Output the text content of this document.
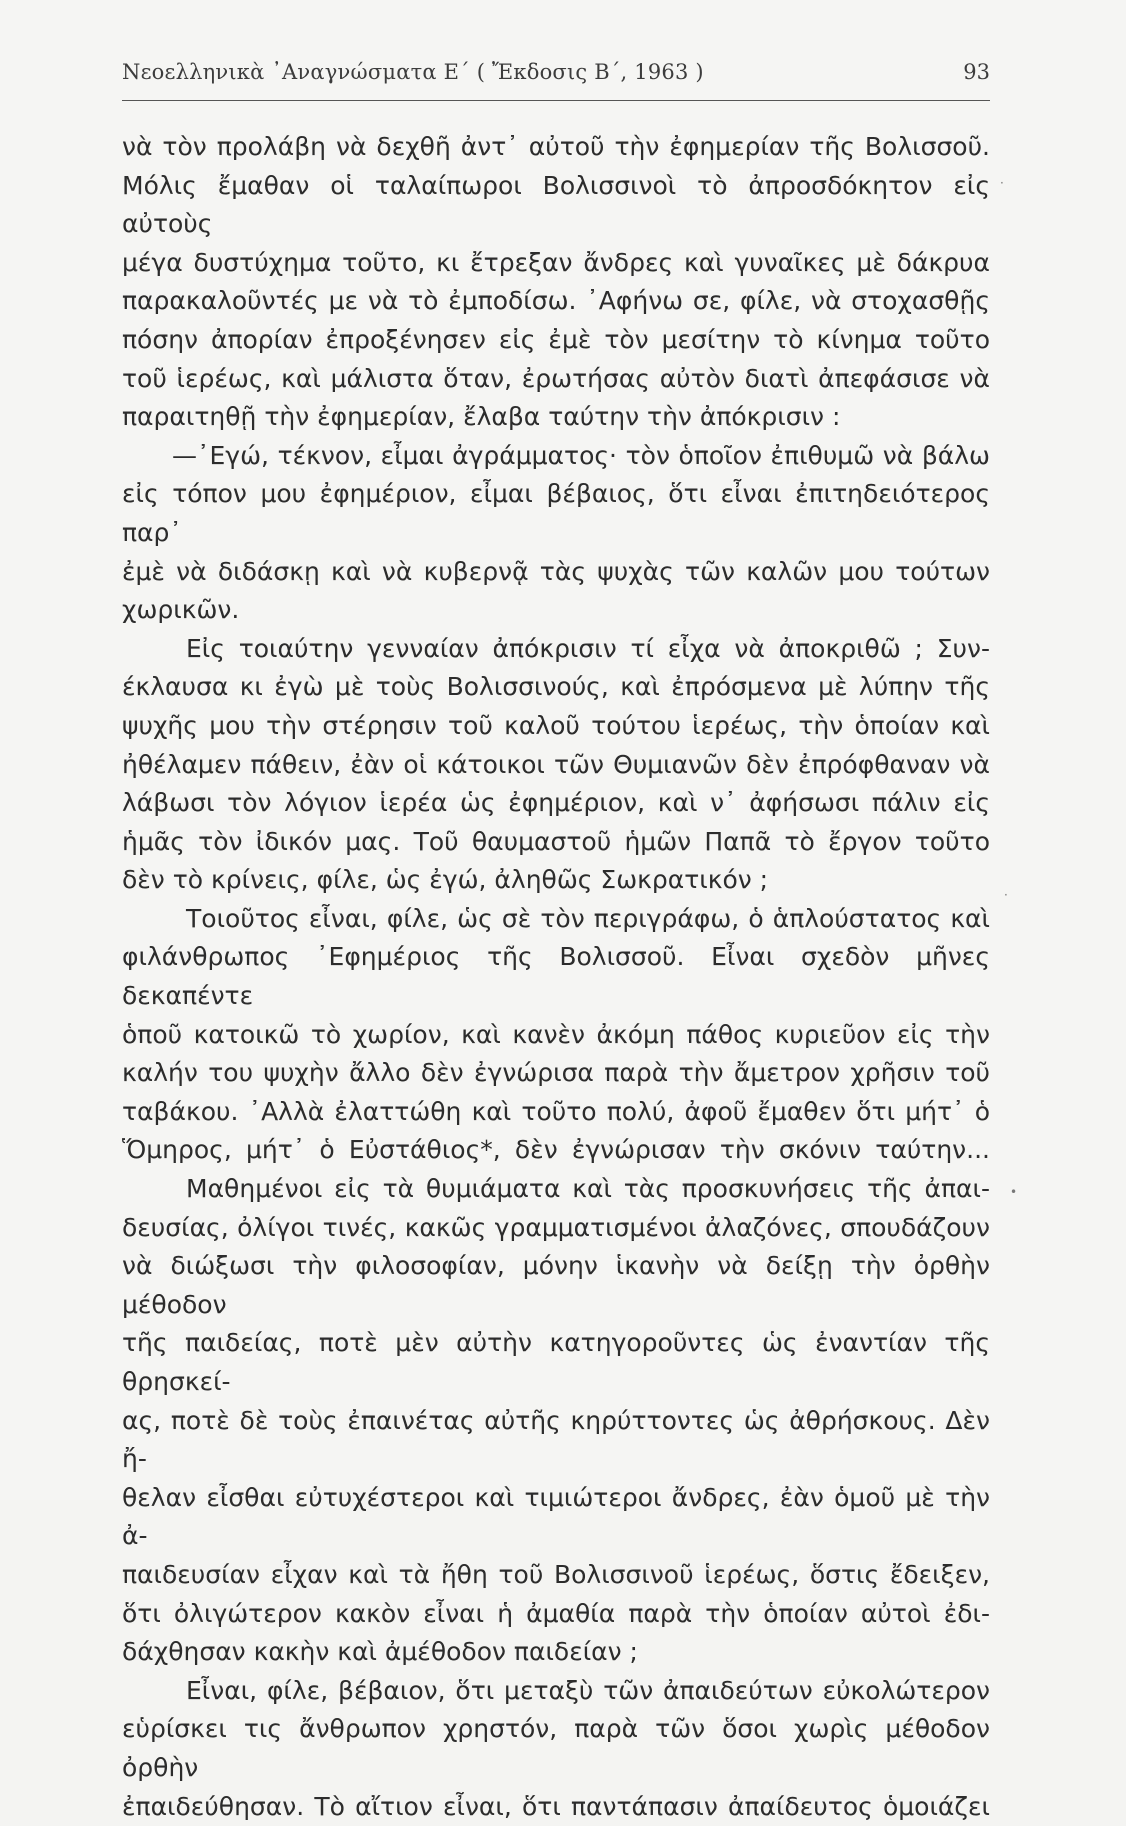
Νεοελληνικὰ ᾿Αναγνώσματα Ε΄ ( Ἔκδοσις Β΄, 1963 )	93
νὰ τὸν προλάβη νὰ δεχθῆ ἀντ᾿ αὐτοῦ τὴν ἐφημερίαν τῆς Βολισσοῦ.
Μόλις ἔμαθαν οἱ ταλαίπωροι Βολισσινοὶ τὸ ἀπροσδόκητον εἰς αὐτοὺς
μέγα δυστύχημα τοῦτο, κι ἔτρεξαν ἄνδρες καὶ γυναῖκες μὲ δάκρυα
παρακαλοῦντές με νὰ τὸ ἐμποδίσω. ᾿Αφήνω σε, φίλε, νὰ στοχασθῇς
πόσην ἀπορίαν ἐπροξένησεν εἰς ἐμὲ τὸν μεσίτην τὸ κίνημα τοῦτο
τοῦ ἱερέως, καὶ μάλιστα ὅταν, ἐρωτήσας αὐτὸν διατὶ ἀπεφάσισε νὰ
παραιτηθῇ τὴν ἐφημερίαν, ἔλαβα ταύτην τὴν ἀπόκρισιν :
—᾿Εγώ, τέκνον, εἶμαι ἀγράμματος· τὸν ὁποῖον ἐπιθυμῶ νὰ βάλω
εἰς τόπον μου ἐφημέριον, εἶμαι βέβαιος, ὅτι εἶναι ἐπιτηδειότερος παρ᾿
ἐμὲ νὰ διδάσκῃ καὶ νὰ κυβερνᾷ τὰς ψυχὰς τῶν καλῶν μου τούτων
χωρικῶν.
Εἰς τοιαύτην γενναίαν ἀπόκρισιν τί εἶχα νὰ ἀποκριθῶ ; Συν-
έκλαυσα κι ἐγὼ μὲ τοὺς Βολισσινούς, καὶ ἐπρόσμενα μὲ λύπην τῆς
ψυχῆς μου τὴν στέρησιν τοῦ καλοῦ τούτου ἱερέως, τὴν ὁποίαν καὶ
ἠθέλαμεν πάθειν, ἐὰν οἱ κάτοικοι τῶν Θυμιανῶν δὲν ἐπρόφθαναν νὰ
λάβωσι τὸν λόγιον ἱερέα ὡς ἐφημέριον, καὶ ν᾿ ἀφήσωσι πάλιν εἰς
ἡμᾶς τὸν ἰδικόν μας. Τοῦ θαυμαστοῦ ἡμῶν Παπᾶ τὸ ἔργον τοῦτο
δὲν τὸ κρίνεις, φίλε, ὡς ἐγώ, ἀληθῶς Σωκρατικόν ;
Τοιοῦτος εἶναι, φίλε, ὡς σὲ τὸν περιγράφω, ὁ ἁπλούστατος καὶ
φιλάνθρωπος ᾿Εφημέριος τῆς Βολισσοῦ. Εἶναι σχεδὸν μῆνες δεκαπέντε
ὁποῦ κατοικῶ τὸ χωρίον, καὶ κανὲν ἀκόμη πάθος κυριεῦον εἰς τὴν
καλήν του ψυχὴν ἄλλο δὲν ἐγνώρισα παρὰ τὴν ἄμετρον χρῆσιν τοῦ
ταβάκου. ᾿Αλλὰ ἐλαττώθη καὶ τοῦτο πολύ, ἀφοῦ ἔμαθεν ὅτι μήτ᾿ ὁ
Ὅμηρος, μήτ᾿ ὁ Εὐστάθιος*, δὲν ἐγνώρισαν τὴν σκόνιν ταύτην...
Μαθημένοι εἰς τὰ θυμιάματα καὶ τὰς προσκυνήσεις τῆς ἀπαι-
δευσίας, ὀλίγοι τινές, κακῶς γραμματισμένοι ἀλαζόνες, σπουδάζουν
νὰ διώξωσι τὴν φιλοσοφίαν, μόνην ἱκανὴν νὰ δείξῃ τὴν ὀρθὴν μέθοδον
τῆς παιδείας, ποτὲ μὲν αὐτὴν κατηγοροῦντες ὡς ἐναντίαν τῆς θρησκεί-
ας, ποτὲ δὲ τοὺς ἐπαινέτας αὐτῆς κηρύττοντες ὡς ἀθρήσκους. Δὲν ἤ-
θελαν εἶσθαι εὐτυχέστεροι καὶ τιμιώτεροι ἄνδρες, ἐὰν ὁμοῦ μὲ τὴν ἀ-
παιδευσίαν εἶχαν καὶ τὰ ἤθη τοῦ Βολισσινοῦ ἱερέως, ὅστις ἔδειξεν,
ὅτι ὀλιγώτερον κακὸν εἶναι ἡ ἀμαθία παρὰ τὴν ὁποίαν αὐτοὶ ἐδι-
δάχθησαν κακὴν καὶ ἀμέθοδον παιδείαν ;
Εἶναι, φίλε, βέβαιον, ὅτι μεταξὺ τῶν ἀπαιδεύτων εὐκολώτερον
εὑρίσκει τις ἄνθρωπον χρηστόν, παρὰ τῶν ὅσοι χωρὶς μέθοδον ὀρθὴν
ἐπαιδεύθησαν. Τὸ αἴτιον εἶναι, ὅτι παντάπασιν ἀπαίδευτος ὁμοιάζει
·
•
·
